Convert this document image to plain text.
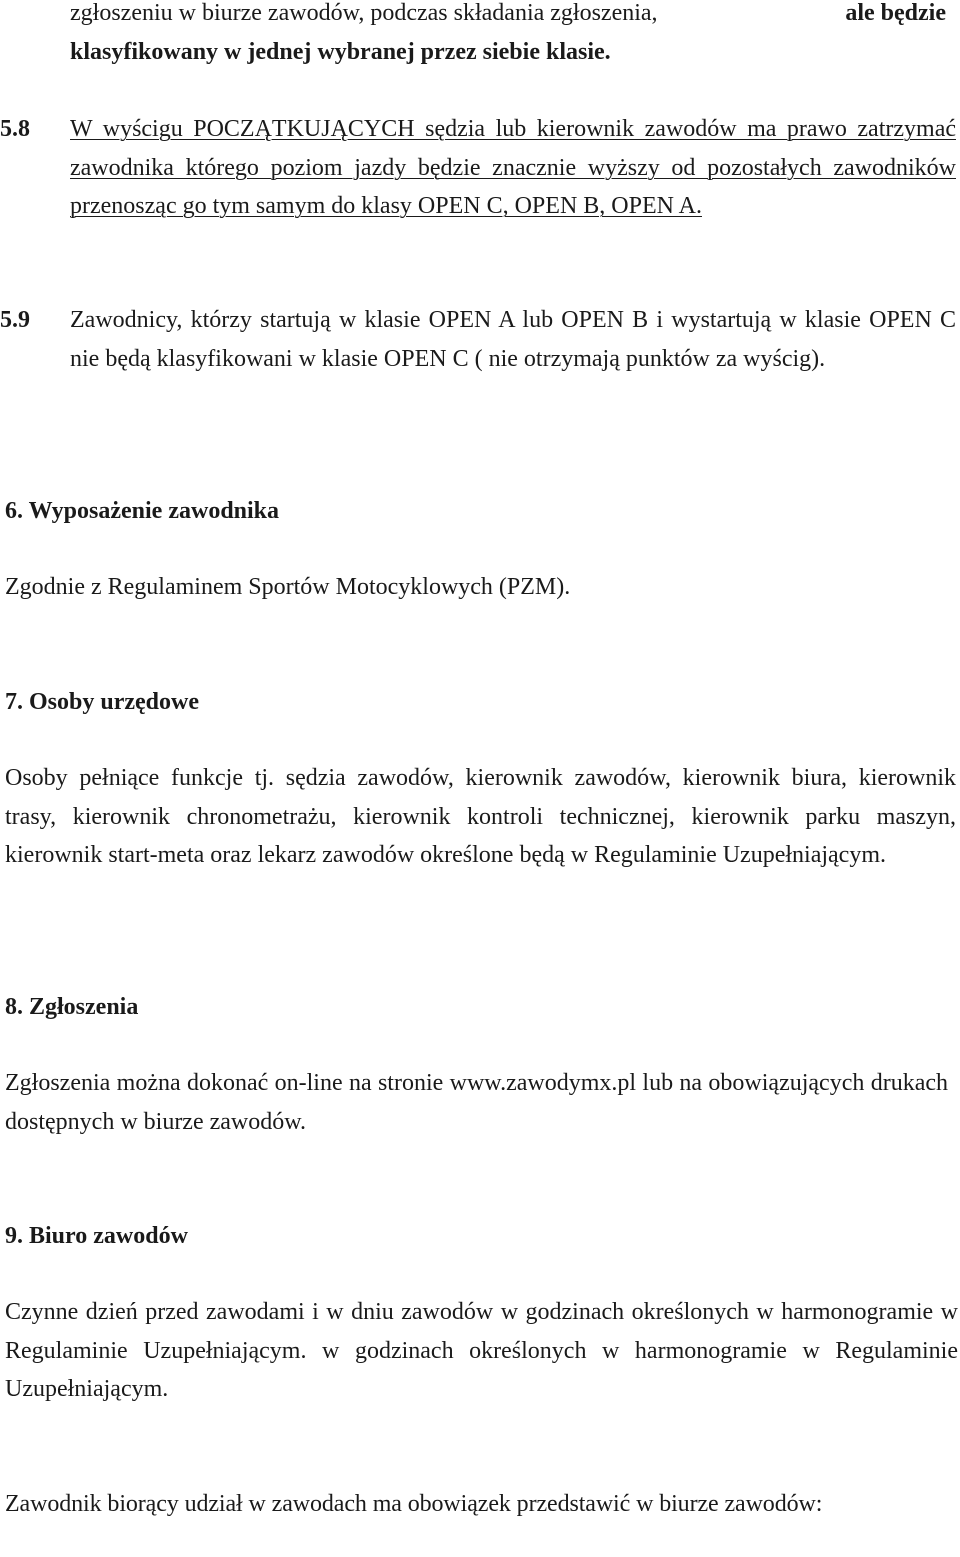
zgłoszeniu w biurze zawodów, podczas składania zgłoszenia,	ale będzie
klasyfikowany w jednej wybranej przez siebie klasie.
5.8 W wyścigu POCZĄTKUJĄCYCH sędzia lub kierownik zawodów ma prawo zatrzymać zawodnika którego poziom jazdy będzie znacznie wyższy od pozostałych zawodników przenosząc go tym samym do klasy OPEN C, OPEN B, OPEN A.

5.9 Zawodnicy, którzy startują w klasie OPEN A lub OPEN B i wystartują w klasie OPEN C nie będą klasyfikowani w klasie OPEN C ( nie otrzymają punktów za wyścig).

6. Wyposażenie zawodnika

Zgodnie z Regulaminem Sportów Motocyklowych (PZM).

7. Osoby urzędowe

Osoby pełniące funkcje tj. sędzia zawodów, kierownik zawodów, kierownik biura, kierownik trasy, kierownik chronometrażu, kierownik kontroli technicznej, kierownik parku maszyn, kierownik start-meta oraz lekarz zawodów określone będą w Regulaminie Uzupełniającym.

8. Zgłoszenia

Zgłoszenia można dokonać on-line na stronie www.zawodymx.pl lub na obowiązujących drukach dostępnych w biurze zawodów.

9. Biuro zawodów

Czynne dzień przed zawodami i w dniu zawodów w godzinach określonych w harmonogramie w Regulaminie Uzupełniającym. w godzinach określonych w harmonogramie w Regulaminie Uzupełniającym.

Zawodnik biorący udział w zawodach ma obowiązek przedstawić w biurze zawodów:
